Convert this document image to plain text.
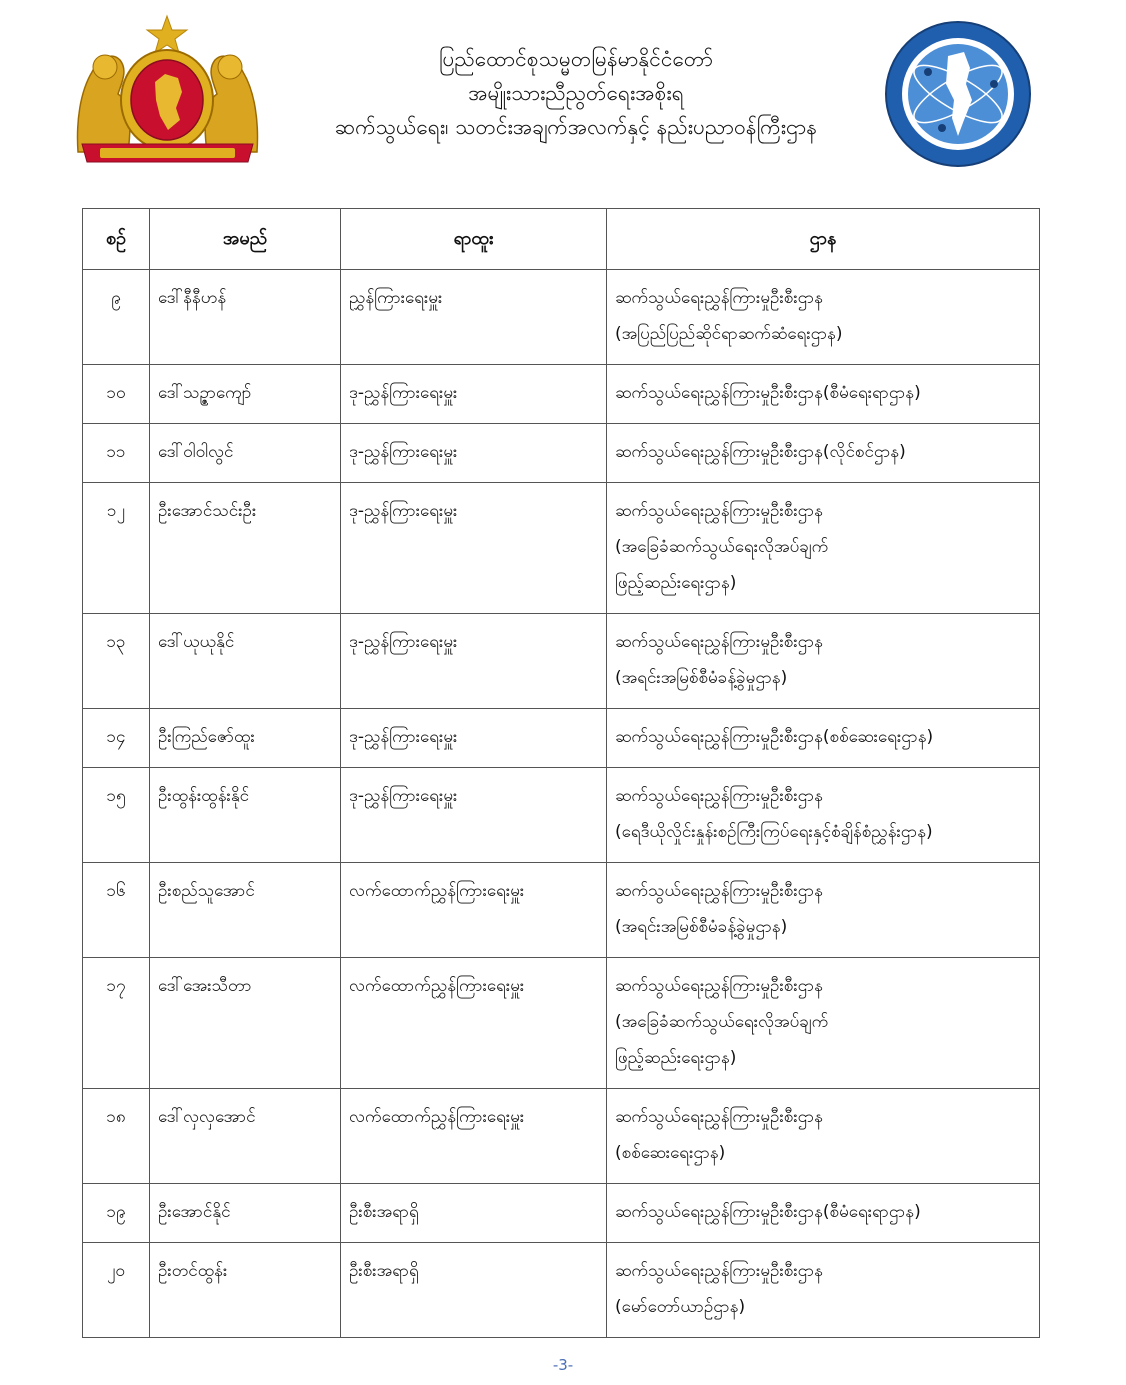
ပြည်ထောင်စုသမ္မတမြန်မာနိုင်ငံတော်
အမျိုးသားညီညွတ်ရေးအစိုးရ
ဆက်သွယ်ရေး၊ သတင်းအချက်အလက်နှင့် နည်းပညာဝန်ကြီးဌာန
စဉ်	အမည်	ရာထူး	ဌာန
၉	ဒေါ်နီနီဟန်	ညွှန်ကြားရေးမှူး	ဆက်သွယ်ရေးညွှန်ကြားမှုဦးစီးဌာန
(အပြည်ပြည်ဆိုင်ရာဆက်ဆံရေးဌာန)

၁၀	ဒေါ်သဉ္ဇာကျော်	ဒု-ညွှန်ကြားရေးမှူး	ဆက်သွယ်ရေးညွှန်ကြားမှုဦးစီးဌာန(စီမံရေးရာဌာန)

၁၁	ဒေါ်ဝါဝါလွင်	ဒု-ညွှန်ကြားရေးမှူး	ဆက်သွယ်ရေးညွှန်ကြားမှုဦးစီးဌာန(လိုင်စင်ဌာန)

၁၂	ဦးအောင်သင်းဦး	ဒု-ညွှန်ကြားရေးမှူး	ဆက်သွယ်ရေးညွှန်ကြားမှုဦးစီးဌာန
(အခြေခံဆက်သွယ်ရေးလိုအပ်ချက်
ဖြည့်ဆည်းရေးဌာန)

၁၃	ဒေါ်ယုယုနိုင်	ဒု-ညွှန်ကြားရေးမှူး	ဆက်သွယ်ရေးညွှန်ကြားမှုဦးစီးဌာန
(အရင်းအမြစ်စီမံခန့်ခွဲမှုဌာန)

၁၄	ဦးကြည်ဇော်ထူး	ဒု-ညွှန်ကြားရေးမှူး	ဆက်သွယ်ရေးညွှန်ကြားမှုဦးစီးဌာန(စစ်ဆေးရေးဌာန)

၁၅	ဦးထွန်းထွန်းနိုင်	ဒု-ညွှန်ကြားရေးမှူး	ဆက်သွယ်ရေးညွှန်ကြားမှုဦးစီးဌာန
(ရေဒီယိုလှိုင်းနှုန်းစဉ်ကြီးကြပ်ရေးနှင့်စံချိန်စံညွှန်းဌာန)

၁၆	ဦးစည်သူအောင်	လက်ထောက်ညွှန်ကြားရေးမှူး	ဆက်သွယ်ရေးညွှန်ကြားမှုဦးစီးဌာန
(အရင်းအမြစ်စီမံခန့်ခွဲမှုဌာန)

၁၇	ဒေါ်အေးသီတာ	လက်ထောက်ညွှန်ကြားရေးမှူး	ဆက်သွယ်ရေးညွှန်ကြားမှုဦးစီးဌာန
(အခြေခံဆက်သွယ်ရေးလိုအပ်ချက်
ဖြည့်ဆည်းရေးဌာန)

၁၈	ဒေါ်လှလှအောင်	လက်ထောက်ညွှန်ကြားရေးမှူး	ဆက်သွယ်ရေးညွှန်ကြားမှုဦးစီးဌာန
(စစ်ဆေးရေးဌာန)

၁၉	ဦးအောင်နိုင်	ဦးစီးအရာရှိ	ဆက်သွယ်ရေးညွှန်ကြားမှုဦးစီးဌာန(စီမံရေးရာဌာန)

၂၀	ဦးတင်ထွန်း	ဦးစီးအရာရှိ	ဆက်သွယ်ရေးညွှန်ကြားမှုဦးစီးဌာန
(မော်တော်ယာဉ်ဌာန)
-3-
